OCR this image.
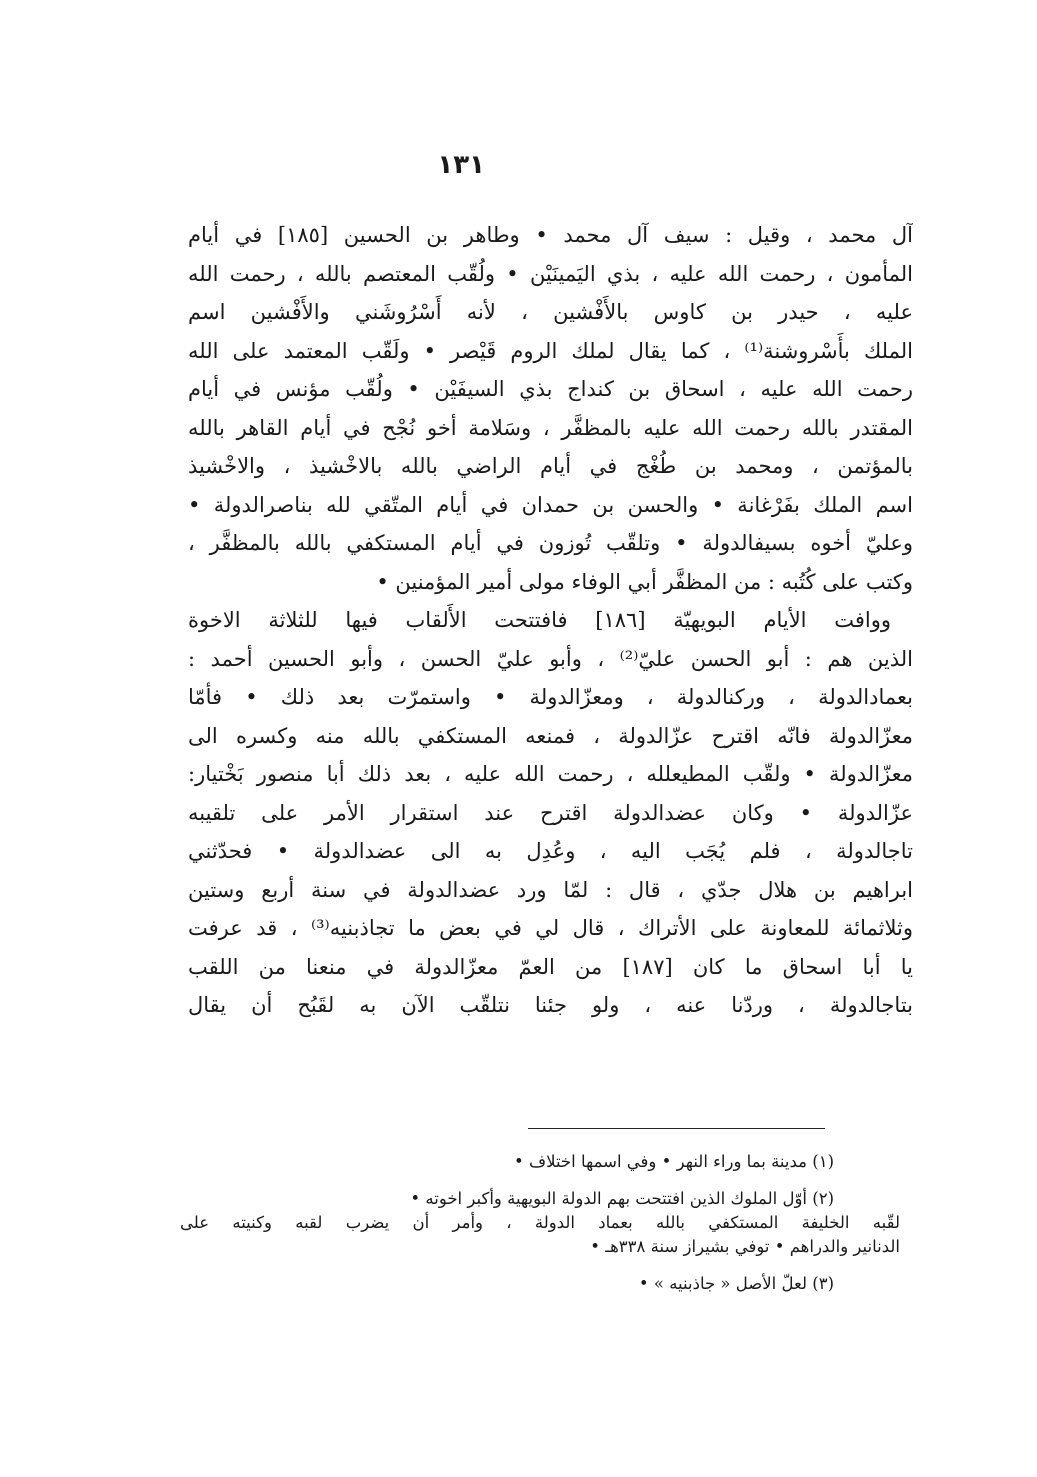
١٣١
آل محمد ، وقيل : سيف آل محمد • وطاهر بن الحسين [١٨٥] في أيام
المأمون ، رحمت الله عليه ، بذي اليَمينَيْن • ولُقّب المعتصم بالله ، رحمت الله
عليه ، حيدر بن كاوس بالأَفْشين ، لأنه أَسْرُوشَني والأَفْشين اسم
الملك بأَسْروشنة⁽¹⁾ ، كما يقال لملك الروم قَيْصر • ولَقّب المعتمد على الله
رحمت الله عليه ، اسحاق بن كنداج بذي السيفَيْن • ولُقّب مؤنس في أيام
المقتدر بالله رحمت الله عليه بالمظفَّر ، وسَلامة أخو نُجْح في أيام القاهر بالله
بالمؤتمن ، ومحمد بن طُغْج في أيام الراضي بالله بالاخْشيذ ، والاخْشيذ
اسم الملك بفَرْغانة • والحسن بن حمدان في أيام المتّقي لله بناصرالدولة •
وعليّ أخوه بسيفالدولة • وتلقّب تُوزون في أيام المستكفي بالله بالمظفَّر ،
وكتب على كُتُبه : من المظفَّر أبي الوفاء مولى أمير المؤمنين •
ووافت الأيام البويهيّة [١٨٦] فافتتحت الأَلقاب فيها للثلاثة الاخوة
الذين هم : أبو الحسن عليّ⁽²⁾ ، وأبو عليّ الحسن ، وأبو الحسين أحمد :
بعمادالدولة ، وركنالدولة ، ومعزّالدولة • واستمرّت بعد ذلك • فأمّا
معزّالدولة فانّه اقترح عزّالدولة ، فمنعه المستكفي بالله منه وكسره الى
معزّالدولة • ولقّب المطيعلله ، رحمت الله عليه ، بعد ذلك أبا منصور بَخْتيار:
عزّالدولة • وكان عضدالدولة اقترح عند استقرار الأمر على تلقيبه
تاجالدولة ، فلم يُجَب اليه ، وعُدِل به الى عضدالدولة • فحدّثني
ابراهيم بن هلال جدّي ، قال : لمّا ورد عضدالدولة في سنة أربع وستين
وثلاثمائة للمعاونة على الأتراك ، قال لي في بعض ما تجاذبنيه⁽³⁾ ، قد عرفت
يا أبا اسحاق ما كان [١٨٧] من العمّ معزّالدولة في منعنا من اللقب
بتاجالدولة ، وردّنا عنه ، ولو جئنا نتلقّب الآن به لقَبُح أن يقال
(١) مدينة بما وراء النهر • وفي اسمها اختلاف •
(٢) أوّل الملوك الذين افتتحت بهم الدولة البويهية وأكبر اخوته •
لقّبه الخليفة المستكفي بالله بعماد الدولة ، وأمر أن يضرب لقبه وكنيته على
الدنانير والدراهم • توفي بشيراز سنة ٣٣٨هـ •
(٣) لعلّ الأصل « جاذبنيه » •
